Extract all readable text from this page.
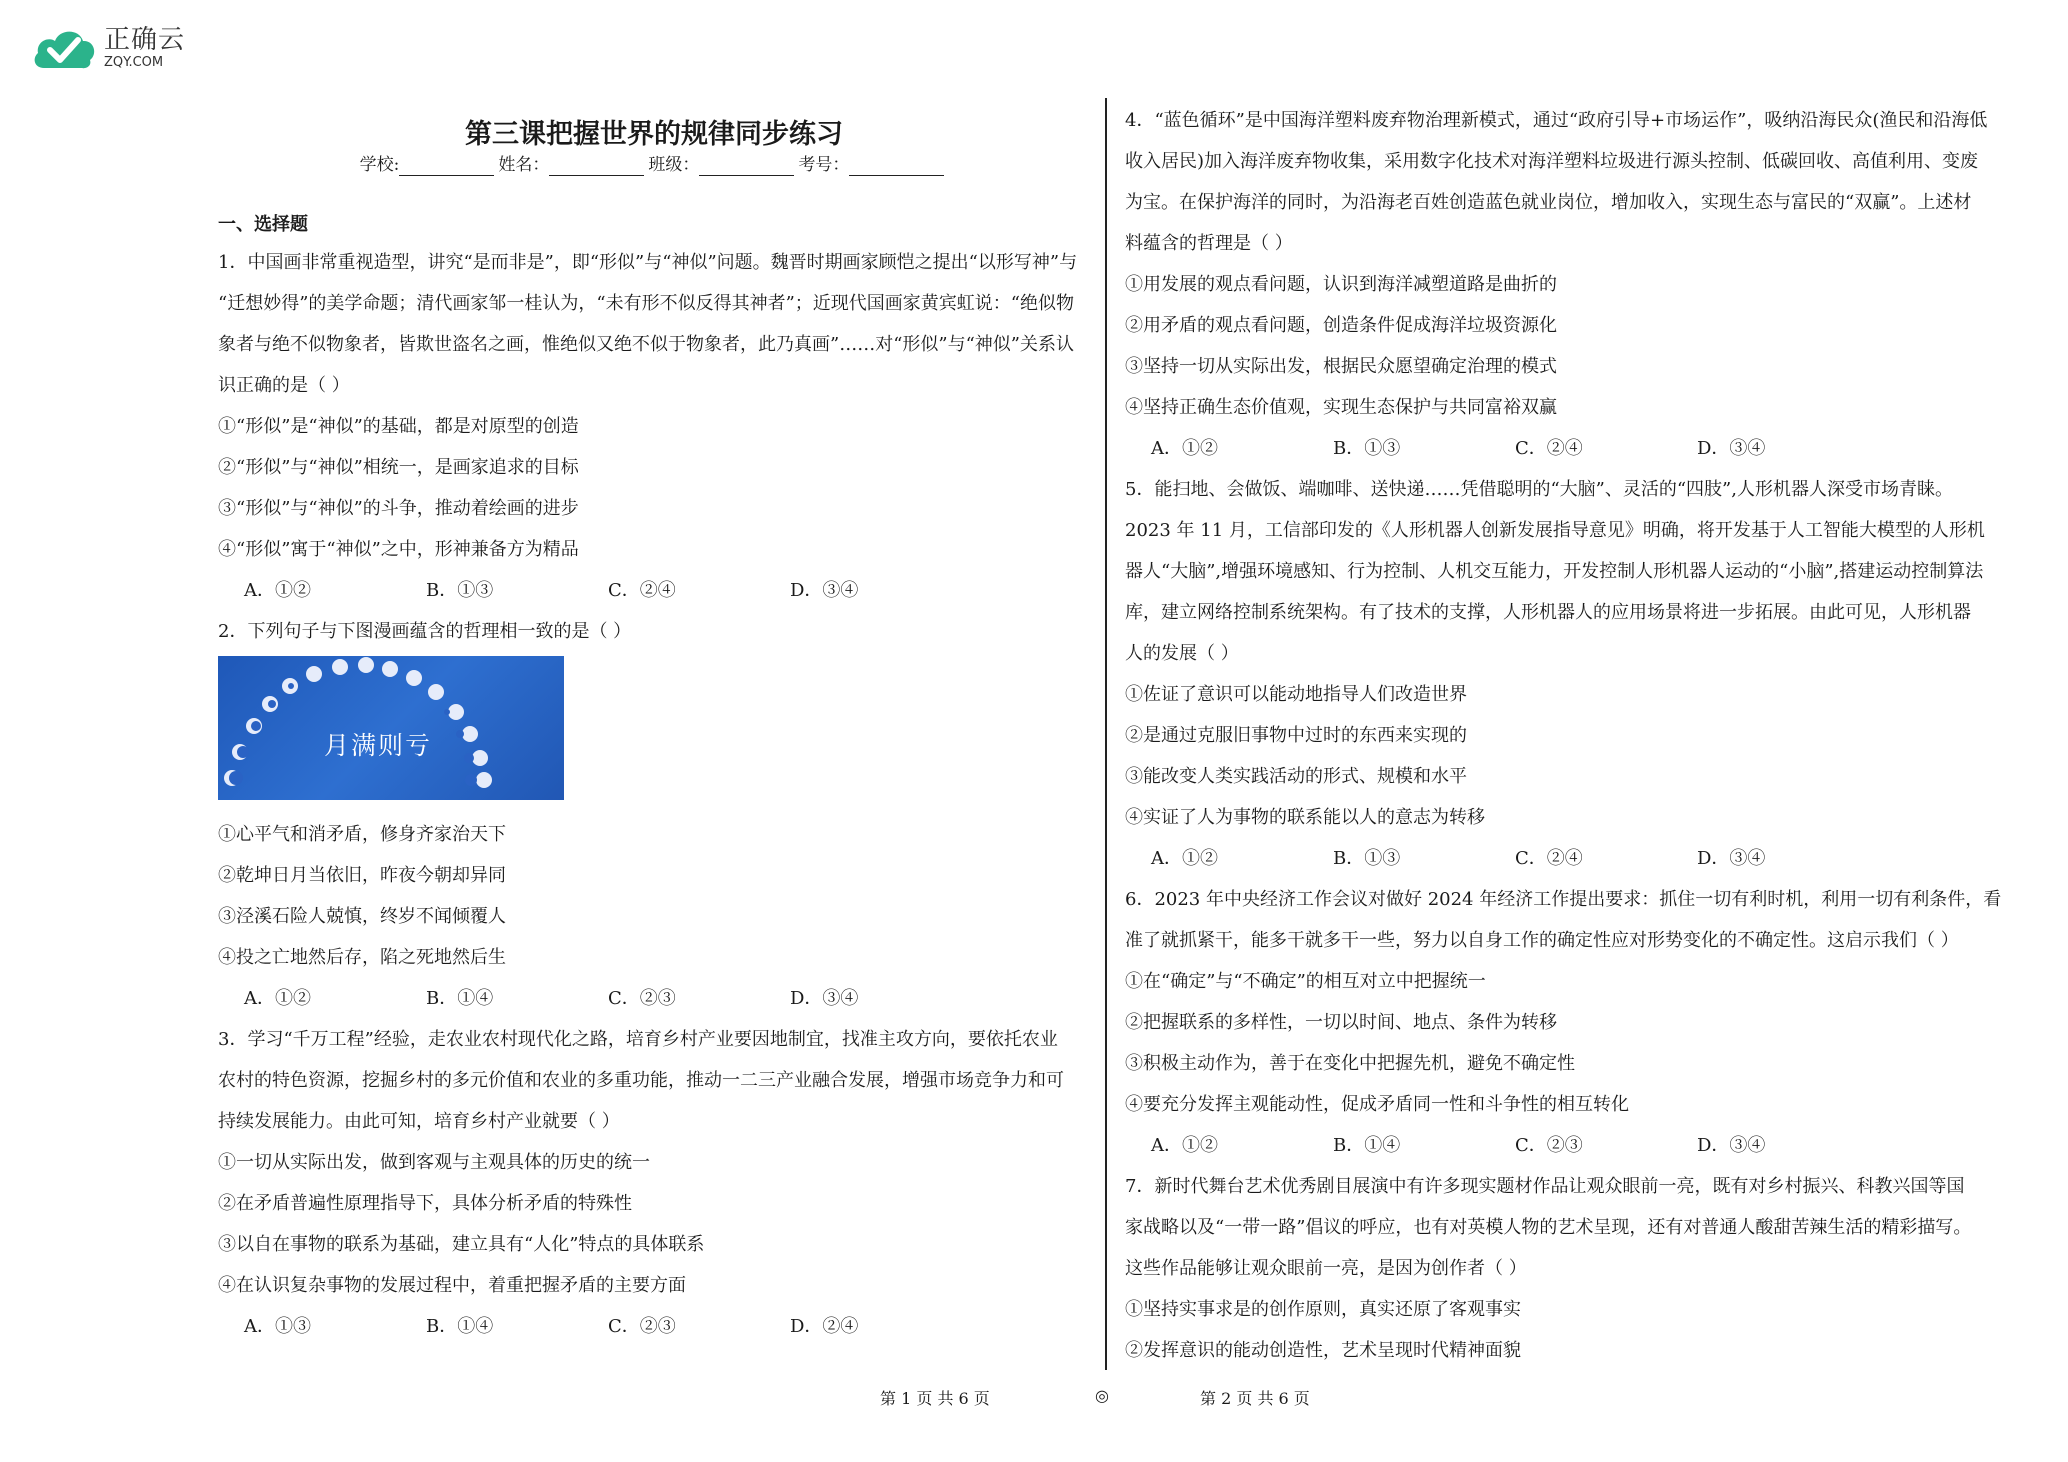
正确云
ZQY.COM
第三课把握世界的规律同步练习
学校:	姓名：	班级：	考号：
一、选择题
1．中国画非常重视造型，讲究“是而非是”，即“形似”与“神似”问题。魏晋时期画家顾恺之提出“以形写神”与
“迁想妙得”的美学命题；清代画家邹一桂认为，“未有形不似反得其神者”；近现代国画家黄宾虹说：“绝似物
象者与绝不似物象者，皆欺世盗名之画，惟绝似又绝不似于物象者，此乃真画”……对“形似”与“神似”关系认
识正确的是（ ）
①“形似”是“神似”的基础，都是对原型的创造
②“形似”与“神似”相统一，是画家追求的目标
③“形似”与“神似”的斗争，推动着绘画的进步
④“形似”寓于“神似”之中，形神兼备方为精品
A．①②	B．①③	C．②④	D．③④
2．下列句子与下图漫画蕴含的哲理相一致的是（ ）
月满则亏
①心平气和消矛盾，修身齐家治天下
②乾坤日月当依旧，昨夜今朝却异同
③泾溪石险人兢慎，终岁不闻倾覆人
④投之亡地然后存，陷之死地然后生
A．①②	B．①④	C．②③	D．③④
3．学习“千万工程”经验，走农业农村现代化之路，培育乡村产业要因地制宜，找准主攻方向，要依托农业
农村的特色资源，挖掘乡村的多元价值和农业的多重功能，推动一二三产业融合发展，增强市场竞争力和可
持续发展能力。由此可知，培育乡村产业就要（ ）
①一切从实际出发，做到客观与主观具体的历史的统一
②在矛盾普遍性原理指导下，具体分析矛盾的特殊性
③以自在事物的联系为基础，建立具有“人化”特点的具体联系
④在认识复杂事物的发展过程中，着重把握矛盾的主要方面
A．①③	B．①④	C．②③	D．②④
4．“蓝色循环”是中国海洋塑料废弃物治理新模式，通过“政府引导+市场运作”，吸纳沿海民众(渔民和沿海低
收入居民)加入海洋废弃物收集，采用数字化技术对海洋塑料垃圾进行源头控制、低碳回收、高值利用、变废
为宝。在保护海洋的同时，为沿海老百姓创造蓝色就业岗位，增加收入，实现生态与富民的“双赢”。上述材
料蕴含的哲理是（ ）
①用发展的观点看问题，认识到海洋减塑道路是曲折的
②用矛盾的观点看问题，创造条件促成海洋垃圾资源化
③坚持一切从实际出发，根据民众愿望确定治理的模式
④坚持正确生态价值观，实现生态保护与共同富裕双赢
A．①②	B．①③	C．②④	D．③④
5．能扫地、会做饭、端咖啡、送快递……凭借聪明的“大脑”、灵活的“四肢”,人形机器人深受市场青睐。
2023 年 11 月，工信部印发的《人形机器人创新发展指导意见》明确，将开发基于人工智能大模型的人形机
器人“大脑”,增强环境感知、行为控制、人机交互能力，开发控制人形机器人运动的“小脑”,搭建运动控制算法
库，建立网络控制系统架构。有了技术的支撑，人形机器人的应用场景将进一步拓展。由此可见，人形机器
人的发展（ ）
①佐证了意识可以能动地指导人们改造世界
②是通过克服旧事物中过时的东西来实现的
③能改变人类实践活动的形式、规模和水平
④实证了人为事物的联系能以人的意志为转移
A．①②	B．①③	C．②④	D．③④
6．2023 年中央经济工作会议对做好 2024 年经济工作提出要求：抓住一切有利时机，利用一切有利条件，看
准了就抓紧干，能多干就多干一些，努力以自身工作的确定性应对形势变化的不确定性。这启示我们（ ）
①在“确定”与“不确定”的相互对立中把握统一
②把握联系的多样性，一切以时间、地点、条件为转移
③积极主动作为，善于在变化中把握先机，避免不确定性
④要充分发挥主观能动性，促成矛盾同一性和斗争性的相互转化
A．①②	B．①④	C．②③	D．③④
7．新时代舞台艺术优秀剧目展演中有许多现实题材作品让观众眼前一亮，既有对乡村振兴、科教兴国等国
家战略以及“一带一路”倡议的呼应，也有对英模人物的艺术呈现，还有对普通人酸甜苦辣生活的精彩描写。
这些作品能够让观众眼前一亮，是因为创作者（ ）
①坚持实事求是的创作原则，真实还原了客观事实
②发挥意识的能动创造性，艺术呈现时代精神面貌
第 1 页 共 6 页	◎	第 2 页 共 6 页
